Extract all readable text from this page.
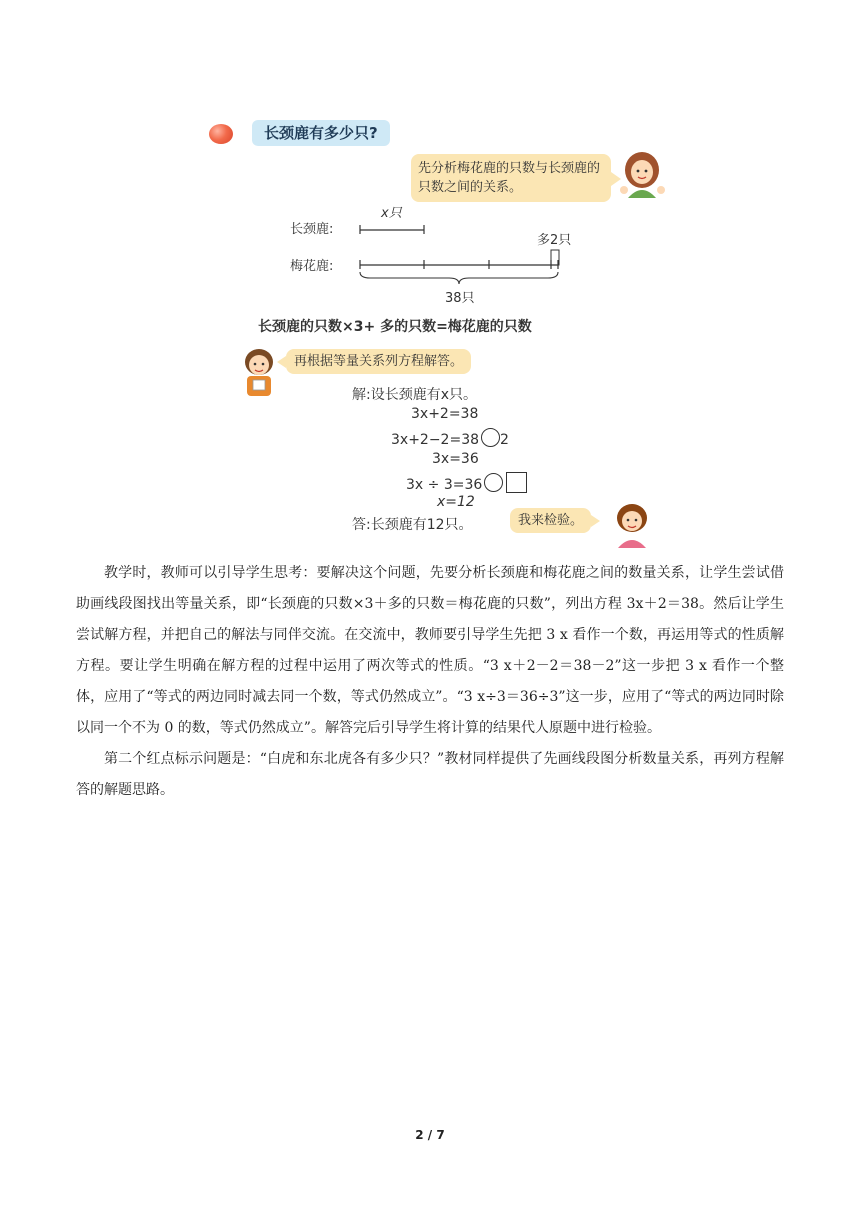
长颈鹿有多少只?
先分析梅花鹿的只数与长颈鹿的只数之间的关系。
长颈鹿:
x只
多2只
梅花鹿:
38只
长颈鹿的只数×3+ 多的只数=梅花鹿的只数
再根据等量关系列方程解答。
解:设长颈鹿有x只。
3x+2=38
3x+2−2=38 2
3x=36
3x ÷ 3=36
x=12
答:长颈鹿有12只。	我来检验。

教学时，教师可以引导学生思考：要解决这个问题，先要分析长颈鹿和梅花鹿之间的数量关系，让学生尝试借助画线段图找出等量关系，即“长颈鹿的只数×3＋多的只数＝梅花鹿的只数”，列出方程 3x＋2＝38。然后让学生尝试解方程，并把自己的解法与同伴交流。在交流中，教师要引导学生先把 3 x 看作一个数，再运用等式的性质解方程。要让学生明确在解方程的过程中运用了两次等式的性质。“3 x＋2－2＝38－2”这一步把 3 x 看作一个整体，应用了“等式的两边同时减去同一个数，等式仍然成立”。“3 x÷3＝36÷3”这一步，应用了“等式的两边同时除以同一个不为 0 的数，等式仍然成立”。解答完后引导学生将计算的结果代人原题中进行检验。

第二个红点标示问题是：“白虎和东北虎各有多少只？”教材同样提供了先画线段图分析数量关系，再列方程解答的解题思路。

2 / 7
